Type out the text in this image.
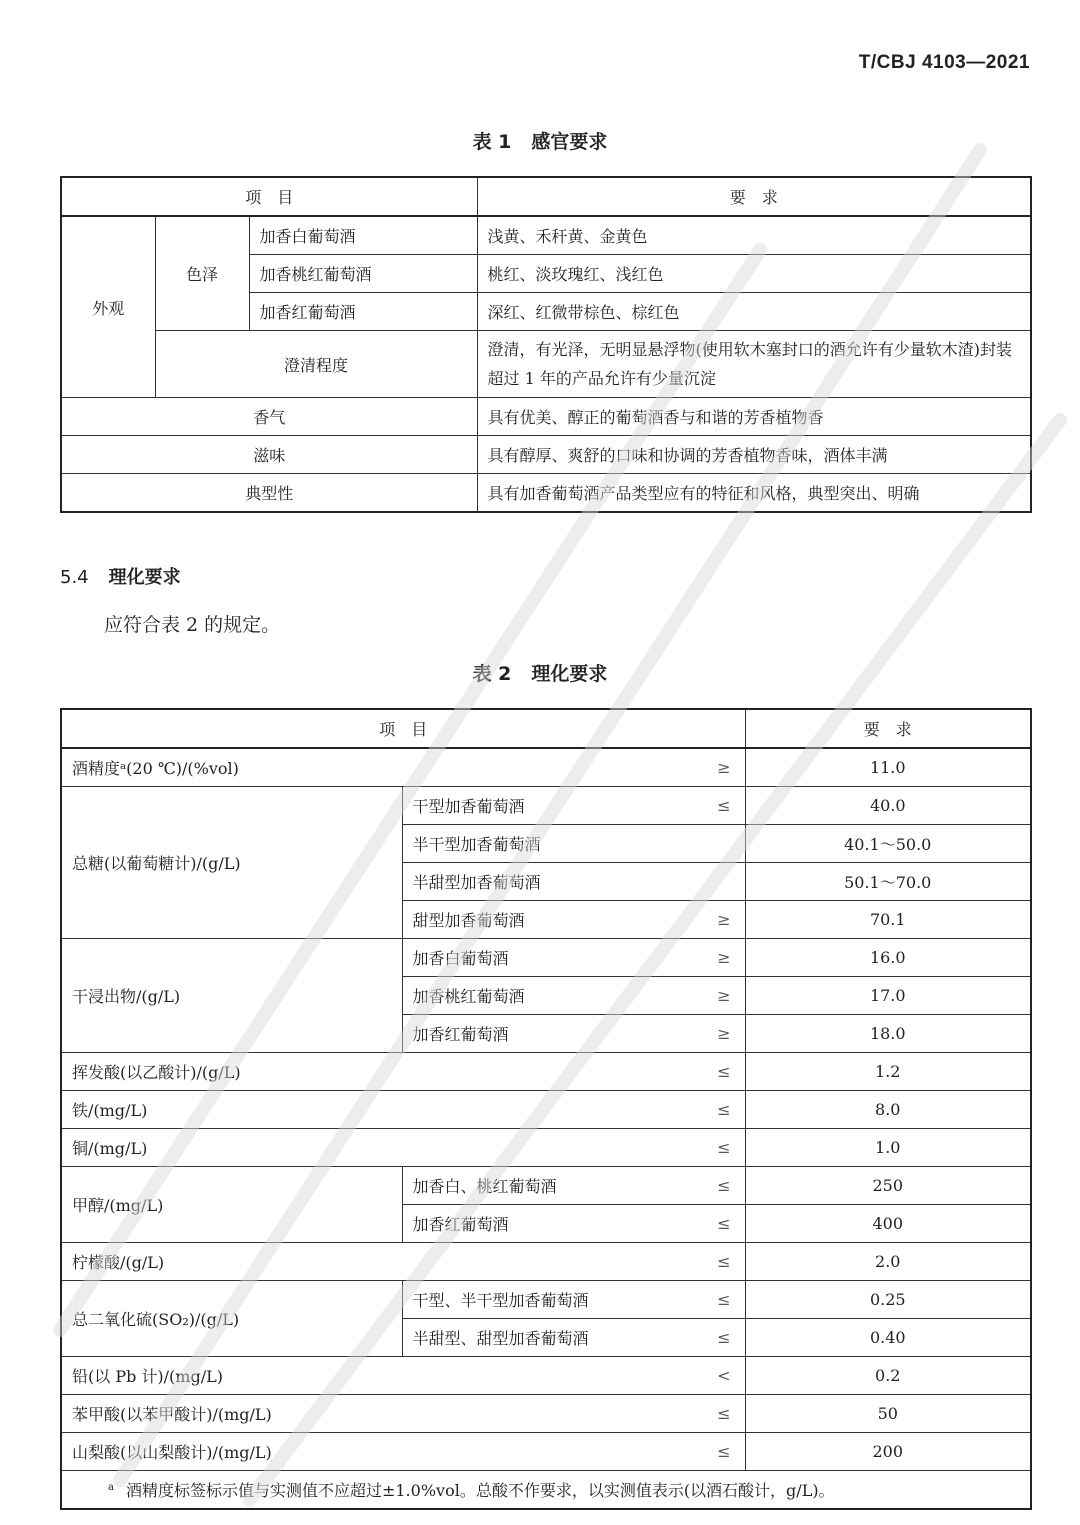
T/CBJ 4103—2021
表 1 感官要求
项　目			要　求
外观	色泽	加香白葡萄酒	浅黄、禾秆黄、金黄色
		加香桃红葡萄酒	桃红、淡玫瑰红、浅红色
		加香红葡萄酒	深红、红微带棕色、棕红色
	澄清程度		澄清，有光泽，无明显悬浮物(使用软木塞封口的酒允许有少量软木渣)封装超过 1 年的产品允许有少量沉淀
香气			具有优美、醇正的葡萄酒香与和谐的芳香植物香
滋味			具有醇厚、爽舒的口味和协调的芳香植物香味，酒体丰满
典型性			具有加香葡萄酒产品类型应有的特征和风格，典型突出、明确
5.4 理化要求
应符合表 2 的规定。
表 2 理化要求
项　目			要　求
酒精度ᵃ(20 ℃)/(%vol)		≥	11.0
总糖(以葡萄糖计)/(g/L)	干型加香葡萄酒	≤	40.0
	半干型加香葡萄酒		40.1～50.0
	半甜型加香葡萄酒		50.1～70.0
	甜型加香葡萄酒	≥	70.1
干浸出物/(g/L)	加香白葡萄酒	≥	16.0
	加香桃红葡萄酒	≥	17.0
	加香红葡萄酒	≥	18.0
挥发酸(以乙酸计)/(g/L)		≤	1.2
铁/(mg/L)		≤	8.0
铜/(mg/L)		≤	1.0
甲醇/(mg/L)	加香白、桃红葡萄酒	≤	250
	加香红葡萄酒	≤	400
柠檬酸/(g/L)		≤	2.0
总二氧化硫(SO₂)/(g/L)	干型、半干型加香葡萄酒	≤	0.25
	半甜型、甜型加香葡萄酒	≤	0.40
铅(以 Pb 计)/(mg/L)		<	0.2
苯甲酸(以苯甲酸计)/(mg/L)		≤	50
山梨酸(以山梨酸计)/(mg/L)		≤	200
$^a$ 酒精度标签标示值与实测值不应超过±1.0%vol。总酸不作要求，以实测值表示(以酒石酸计，g/L)。			
